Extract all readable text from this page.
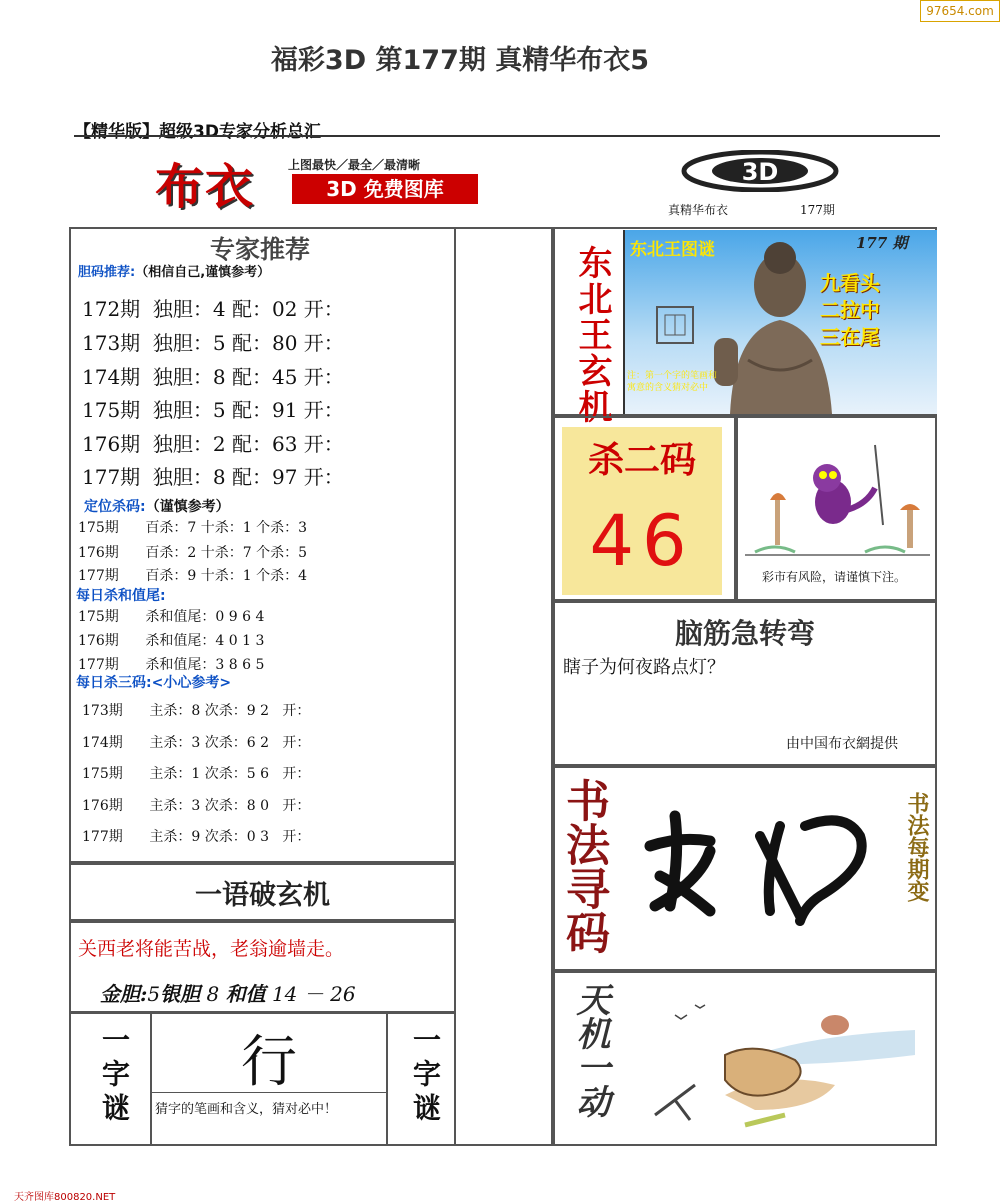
97654.com
福彩3D 第177期 真精华布衣5
【精华版】超级3D专家分析总汇
布衣	上图最快／最全／最清晰
3D 免费图库
3D
真精华布衣	177期
专家推荐
胆码推荐:（相信自己,谨慎参考）
172期  独胆：4 配：02 开：
173期  独胆：5 配：80 开：
174期  独胆：8 配：45 开：
175期  独胆：5 配：91 开：
176期  独胆：2 配：63 开：
177期  独胆：8 配：97 开：
定位杀码:（谨慎参考）
175期      百杀：7 十杀：1 个杀：3
176期      百杀：2 十杀：7 个杀：5
177期      百杀：9 十杀：1 个杀：4
每日杀和值尾:
175期      杀和值尾：0 9 6 4
176期      杀和值尾：4 0 1 3
177期      杀和值尾：3 8 6 5
每日杀三码:<小心参考>
173期      主杀：8 次杀：9 2   开：
174期      主杀：3 次杀：6 2   开：
175期      主杀：1 次杀：5 6   开：
176期      主杀：3 次杀：8 0   开：
177期      主杀：9 次杀：0 3   开：
一语破玄机
关西老将能苦战，老翁逾墙走。
金胆:5银胆 8 和值 14 － 26
一字谜	一字谜
行
猜字的笔画和含义，猜对必中！
东北王玄机 东北王图谜	177 期
九看头
二拉中
三在尾
注：第一个字的笔画和寓意的含义猜对必中
杀二码
46	彩市有风险，请谨慎下注。
脑筋急转弯
瞎子为何夜路点灯？
由中国布衣網提供
书法寻码	书法每期变
天机一动
天齐图库800820.NET
